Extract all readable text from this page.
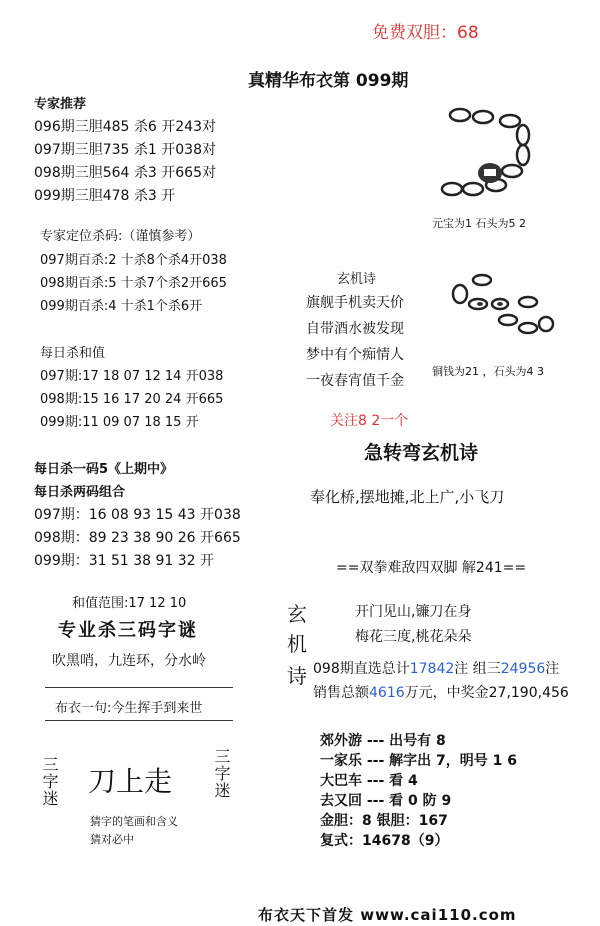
免费双胆：68
真精华布衣第 099期
专家推荐
096期三胆485 杀6 开243对
097期三胆735 杀1 开038对
098期三胆564 杀3 开665对
099期三胆478 杀3 开
专家定位杀码:（谨慎参考）
097期百杀:2 十杀8个杀4开038
098期百杀:5 十杀7个杀2开665
099期百杀:4 十杀1个杀6开
每日杀和值
097期:17 18 07 12 14 开038
098期:15 16 17 20 24 开665
099期:11 09 07 18 15 开
每日杀一码5《上期中》
每日杀两码组合
097期：16 08 93 15 43 开038
098期：89 23 38 90 26 开665
099期：31 51 38 91 32 开
和值范围:17 12 10
专业杀三码字谜
吹黑哨，九连环，分水岭
布衣一句:今生挥手到来世
三字迷 刀上走 三字迷
猜字的笔画和含义
猜对必中
元宝为1 石头为5 2
玄机诗
旗舰手机卖天价
自带酒水被发现
梦中有个痴情人
一夜春宵值千金
铜钱为21 ，石头为4 3
关注8 2一个
急转弯玄机诗
奉化桥,摆地摊,北上广,小飞刀
==双拳难敌四双脚 解241==
玄
机
诗
开门见山,镰刀在身
梅花三度,桃花朵朵
098期直选总计17842注 组三24956注
销售总额4616万元，中奖金27,190,456
郊外游 --- 出号有 8
一家乐 --- 解字出 7，明号 1 6
大巴车 --- 看 4
去又回 --- 看 0 防 9
金胆：8 银胆：167
复式：14678（9）
布衣天下首发 www.cai110.com
